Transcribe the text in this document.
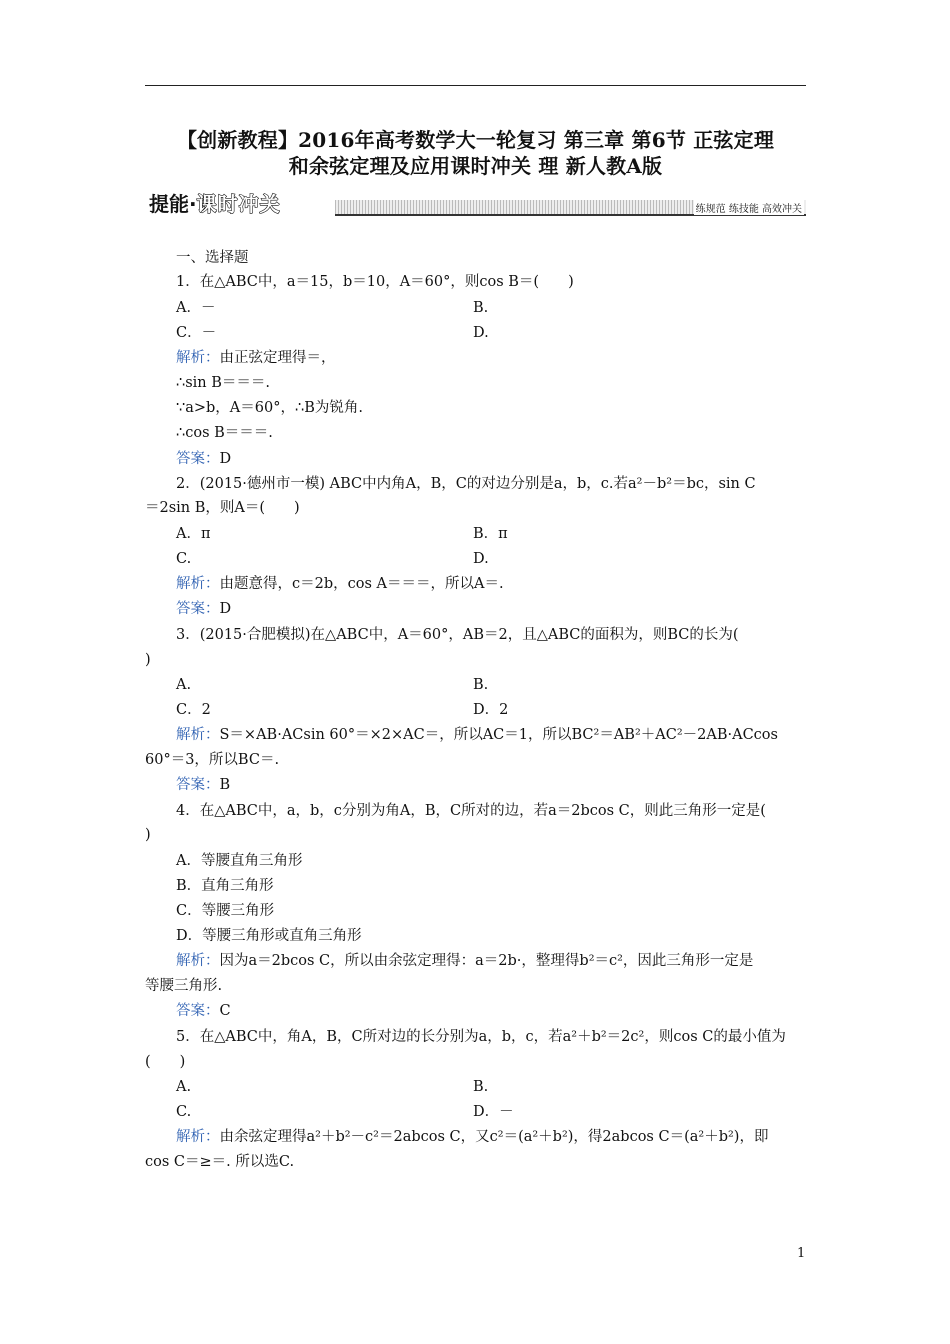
【创新教程】2016年高考数学大一轮复习 第三章 第6节 正弦定理
和余弦定理及应用课时冲关 理 新人教A版
提能·课时冲关	练规范 练技能 高效冲关
一、选择题
1．在△ABC中，a＝15，b＝10，A＝60°，则cos B＝(　　)
A．－	B.
C．－	D.
解析：由正弦定理得＝，
∴sin B＝＝＝.
∵a>b，A＝60°，∴B为锐角.
∴cos B＝＝＝.
答案：D
2．(2015·德州市一模) ABC中内角A，B，C的对边分别是a，b，c.若a²－b²＝bc，sin C
＝2sin B，则A＝(　　)
A．π	B．π
C.	D.
解析：由题意得，c＝2b，cos A＝＝＝，所以A＝.
答案：D
3．(2015·合肥模拟)在△ABC中，A＝60°，AB＝2，且△ABC的面积为，则BC的长为(
)
A.	B.
C．2	D．2
解析：S＝×AB·ACsin 60°＝×2×AC＝，所以AC＝1，所以BC²＝AB²＋AC²－2AB·ACcos
60°＝3，所以BC＝.
答案：B
4．在△ABC中，a，b，c分别为角A，B，C所对的边，若a＝2bcos C，则此三角形一定是(
)
A．等腰直角三角形
B．直角三角形
C．等腰三角形
D．等腰三角形或直角三角形
解析：因为a＝2bcos C，所以由余弦定理得：a＝2b·，整理得b²＝c²，因此三角形一定是
等腰三角形.
答案：C
5．在△ABC中，角A，B，C所对边的长分别为a，b，c，若a²＋b²＝2c²，则cos C的最小值为
(　　)
A.	B.
C.	D．－
解析：由余弦定理得a²＋b²－c²＝2abcos C，又c²＝(a²＋b²)，得2abcos C＝(a²＋b²)，即
cos C＝≥＝. 所以选C.
1
